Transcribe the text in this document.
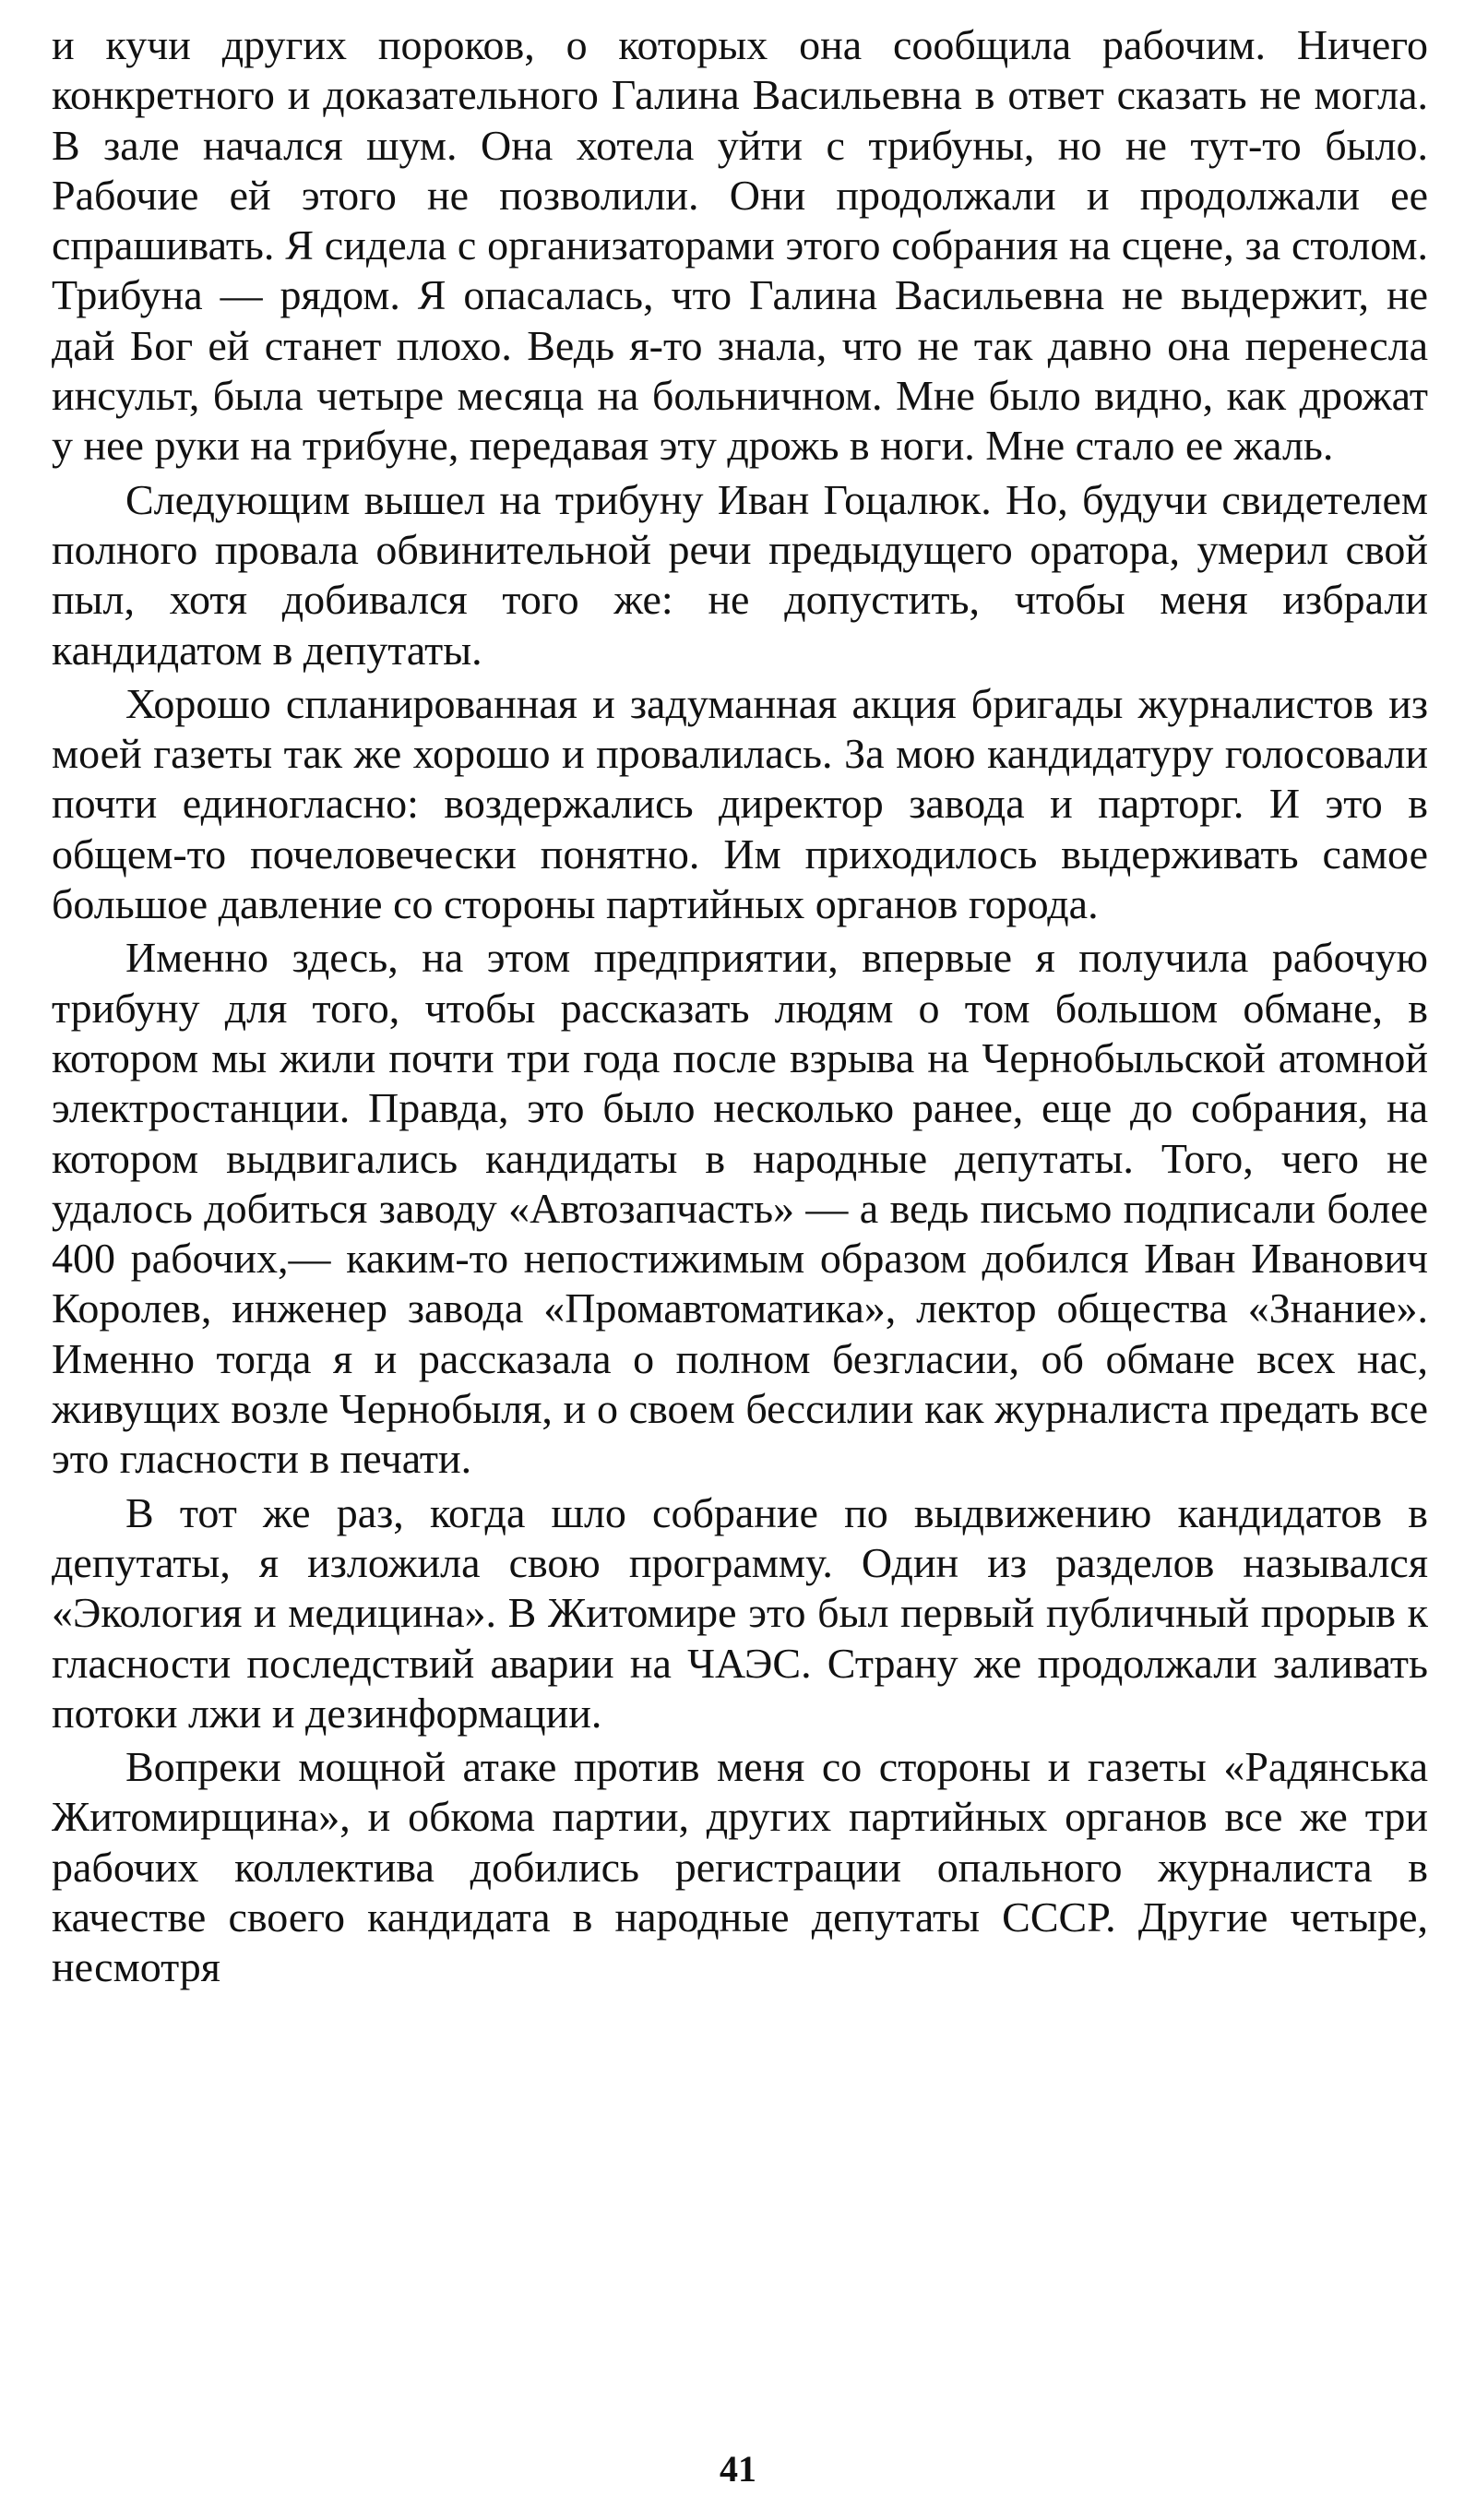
и кучи других пороков, о которых она сообщила рабочим. Ничего конкретного и доказательного Галина Васильевна в ответ сказать не могла. В зале начался шум. Она хотела уйти с трибуны, но не тут-то было. Рабочие ей этого не позволили. Они продолжали и продолжали ее спрашивать. Я сидела с организаторами этого собрания на сцене, за столом. Трибуна — рядом. Я опасалась, что Галина Васильевна не выдержит, не дай Бог ей станет плохо. Ведь я-то знала, что не так давно она перенесла инсульт, была четыре месяца на больничном. Мне было видно, как дрожат у нее руки на трибуне, передавая эту дрожь в ноги. Мне стало ее жаль.

Следующим вышел на трибуну Иван Гоцалюк. Но, будучи свидетелем полного провала обвинительной речи предыдущего оратора, умерил свой пыл, хотя добивался того же: не допустить, чтобы меня избрали кандидатом в депутаты.

Хорошо спланированная и задуманная акция бригады журналистов из моей газеты так же хорошо и провалилась. За мою кандидатуру голосовали почти единогласно: воздержались директор завода и парторг. И это в общем-то почеловечески понятно. Им приходилось выдерживать самое большое давление со стороны партийных органов города.

Именно здесь, на этом предприятии, впервые я получила рабочую трибуну для того, чтобы рассказать людям о том большом обмане, в котором мы жили почти три года после взрыва на Чернобыльской атомной электростанции. Правда, это было несколько ранее, еще до собрания, на котором выдвигались кандидаты в народные депутаты. Того, чего не удалось добиться заводу «Автозапчасть» — а ведь письмо подписали более 400 рабочих,— каким-то непостижимым образом добился Иван Иванович Королев, инженер завода «Промавтоматика», лектор общества «Знание». Именно тогда я и рассказала о полном безгласии, об обмане всех нас, живущих возле Чернобыля, и о своем бессилии как журналиста предать все это гласности в печати.

В тот же раз, когда шло собрание по выдвижению кандидатов в депутаты, я изложила свою программу. Один из разделов назывался «Экология и медицина». В Житомире это был первый публичный прорыв к гласности последствий аварии на ЧАЭС. Страну же продолжали заливать потоки лжи и дезинформации.

Вопреки мощной атаке против меня со стороны и газеты «Радянська Житомирщина», и обкома партии, других партийных органов все же три рабочих коллектива добились регистрации опального журналиста в качестве своего кандидата в народные депутаты СССР. Другие четыре, несмотря

41
